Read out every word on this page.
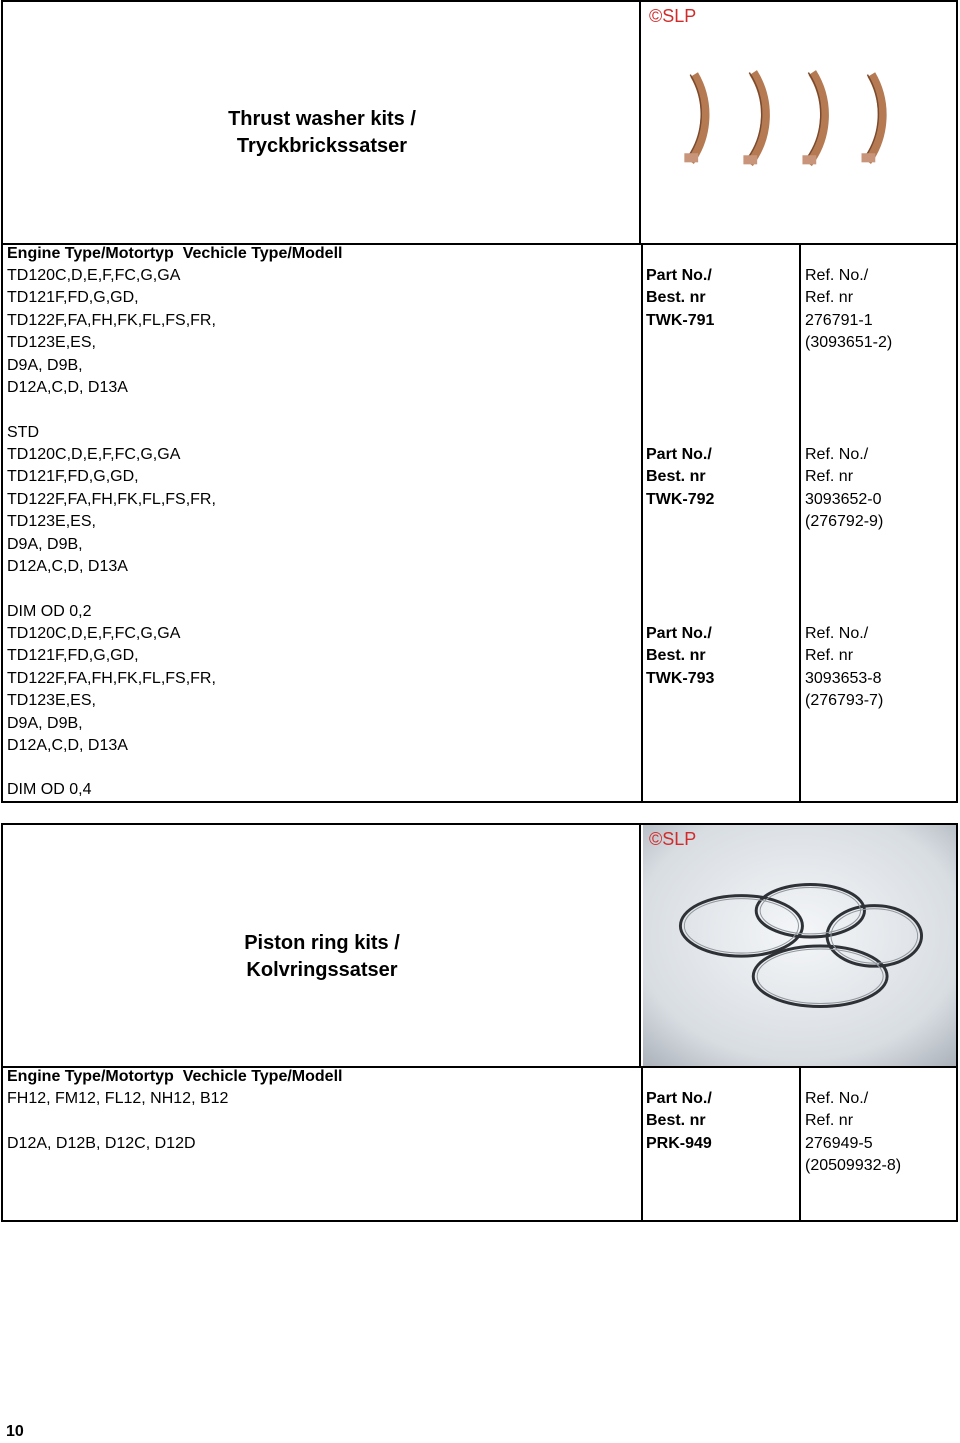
Thrust washer kits /
Tryckbrickssatser
©SLP
Engine Type/Motortyp  Vechicle Type/Modell
TD120C,D,E,F,FC,G,GA
TD121F,FD,G,GD,
TD122F,FA,FH,FK,FL,FS,FR,
TD123E,ES,
D9A, D9B,
D12A,C,D, D13A
Part No./
Best. nr
TWK-791
Ref. No./
Ref. nr
276791-1
(3093651-2)
STD
TD120C,D,E,F,FC,G,GA
TD121F,FD,G,GD,
TD122F,FA,FH,FK,FL,FS,FR,
TD123E,ES,
D9A, D9B,
D12A,C,D, D13A
Part No./
Best. nr
TWK-792
Ref. No./
Ref. nr
3093652-0
(276792-9)
DIM OD 0,2
TD120C,D,E,F,FC,G,GA
TD121F,FD,G,GD,
TD122F,FA,FH,FK,FL,FS,FR,
TD123E,ES,
D9A, D9B,
D12A,C,D, D13A
Part No./
Best. nr
TWK-793
Ref. No./
Ref. nr
3093653-8
(276793-7)
DIM OD 0,4
Piston ring kits /
Kolvringssatser
©SLP
Engine Type/Motortyp  Vechicle Type/Modell
FH12, FM12, FL12, NH12, B12
D12A, D12B, D12C, D12D
Part No./
Best. nr
PRK-949
Ref. No./
Ref. nr
276949-5
(20509932-8)
10
